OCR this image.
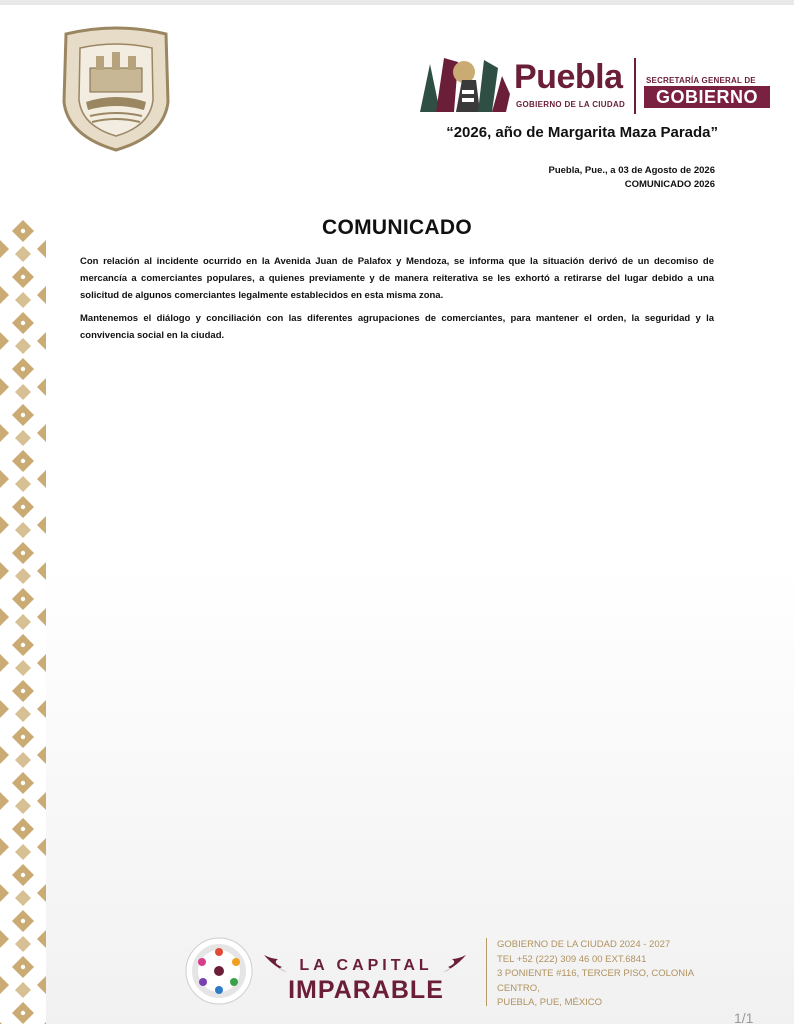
Puebla
GOBIERNO DE LA CIUDAD
SECRETARÍA GENERAL DE
GOBIERNO
“2026, año de Margarita Maza Parada”
Puebla, Pue., a 03 de Agosto de 2026
COMUNICADO 2026
COMUNICADO

Con relación al incidente ocurrido en la Avenida Juan de Palafox y Mendoza, se informa que la situación derivó de un decomiso de mercancía a comerciantes populares, a quienes previamente y de manera reiterativa se les exhortó a retirarse del lugar debido a una solicitud de algunos comerciantes legalmente establecidos en esta misma zona.

Mantenemos el diálogo y conciliación con las diferentes agrupaciones de comerciantes, para mantener el orden, la seguridad y la convivencia social en la ciudad.

LA CAPITAL
IMPARABLE
GOBIERNO DE LA CIUDAD 2024 - 2027
TEL +52 (222) 309 46 00 EXT.6841
3 PONIENTE #116, TERCER PISO, COLONIA
CENTRO,
PUEBLA, PUE, MÉXICO
1/1
